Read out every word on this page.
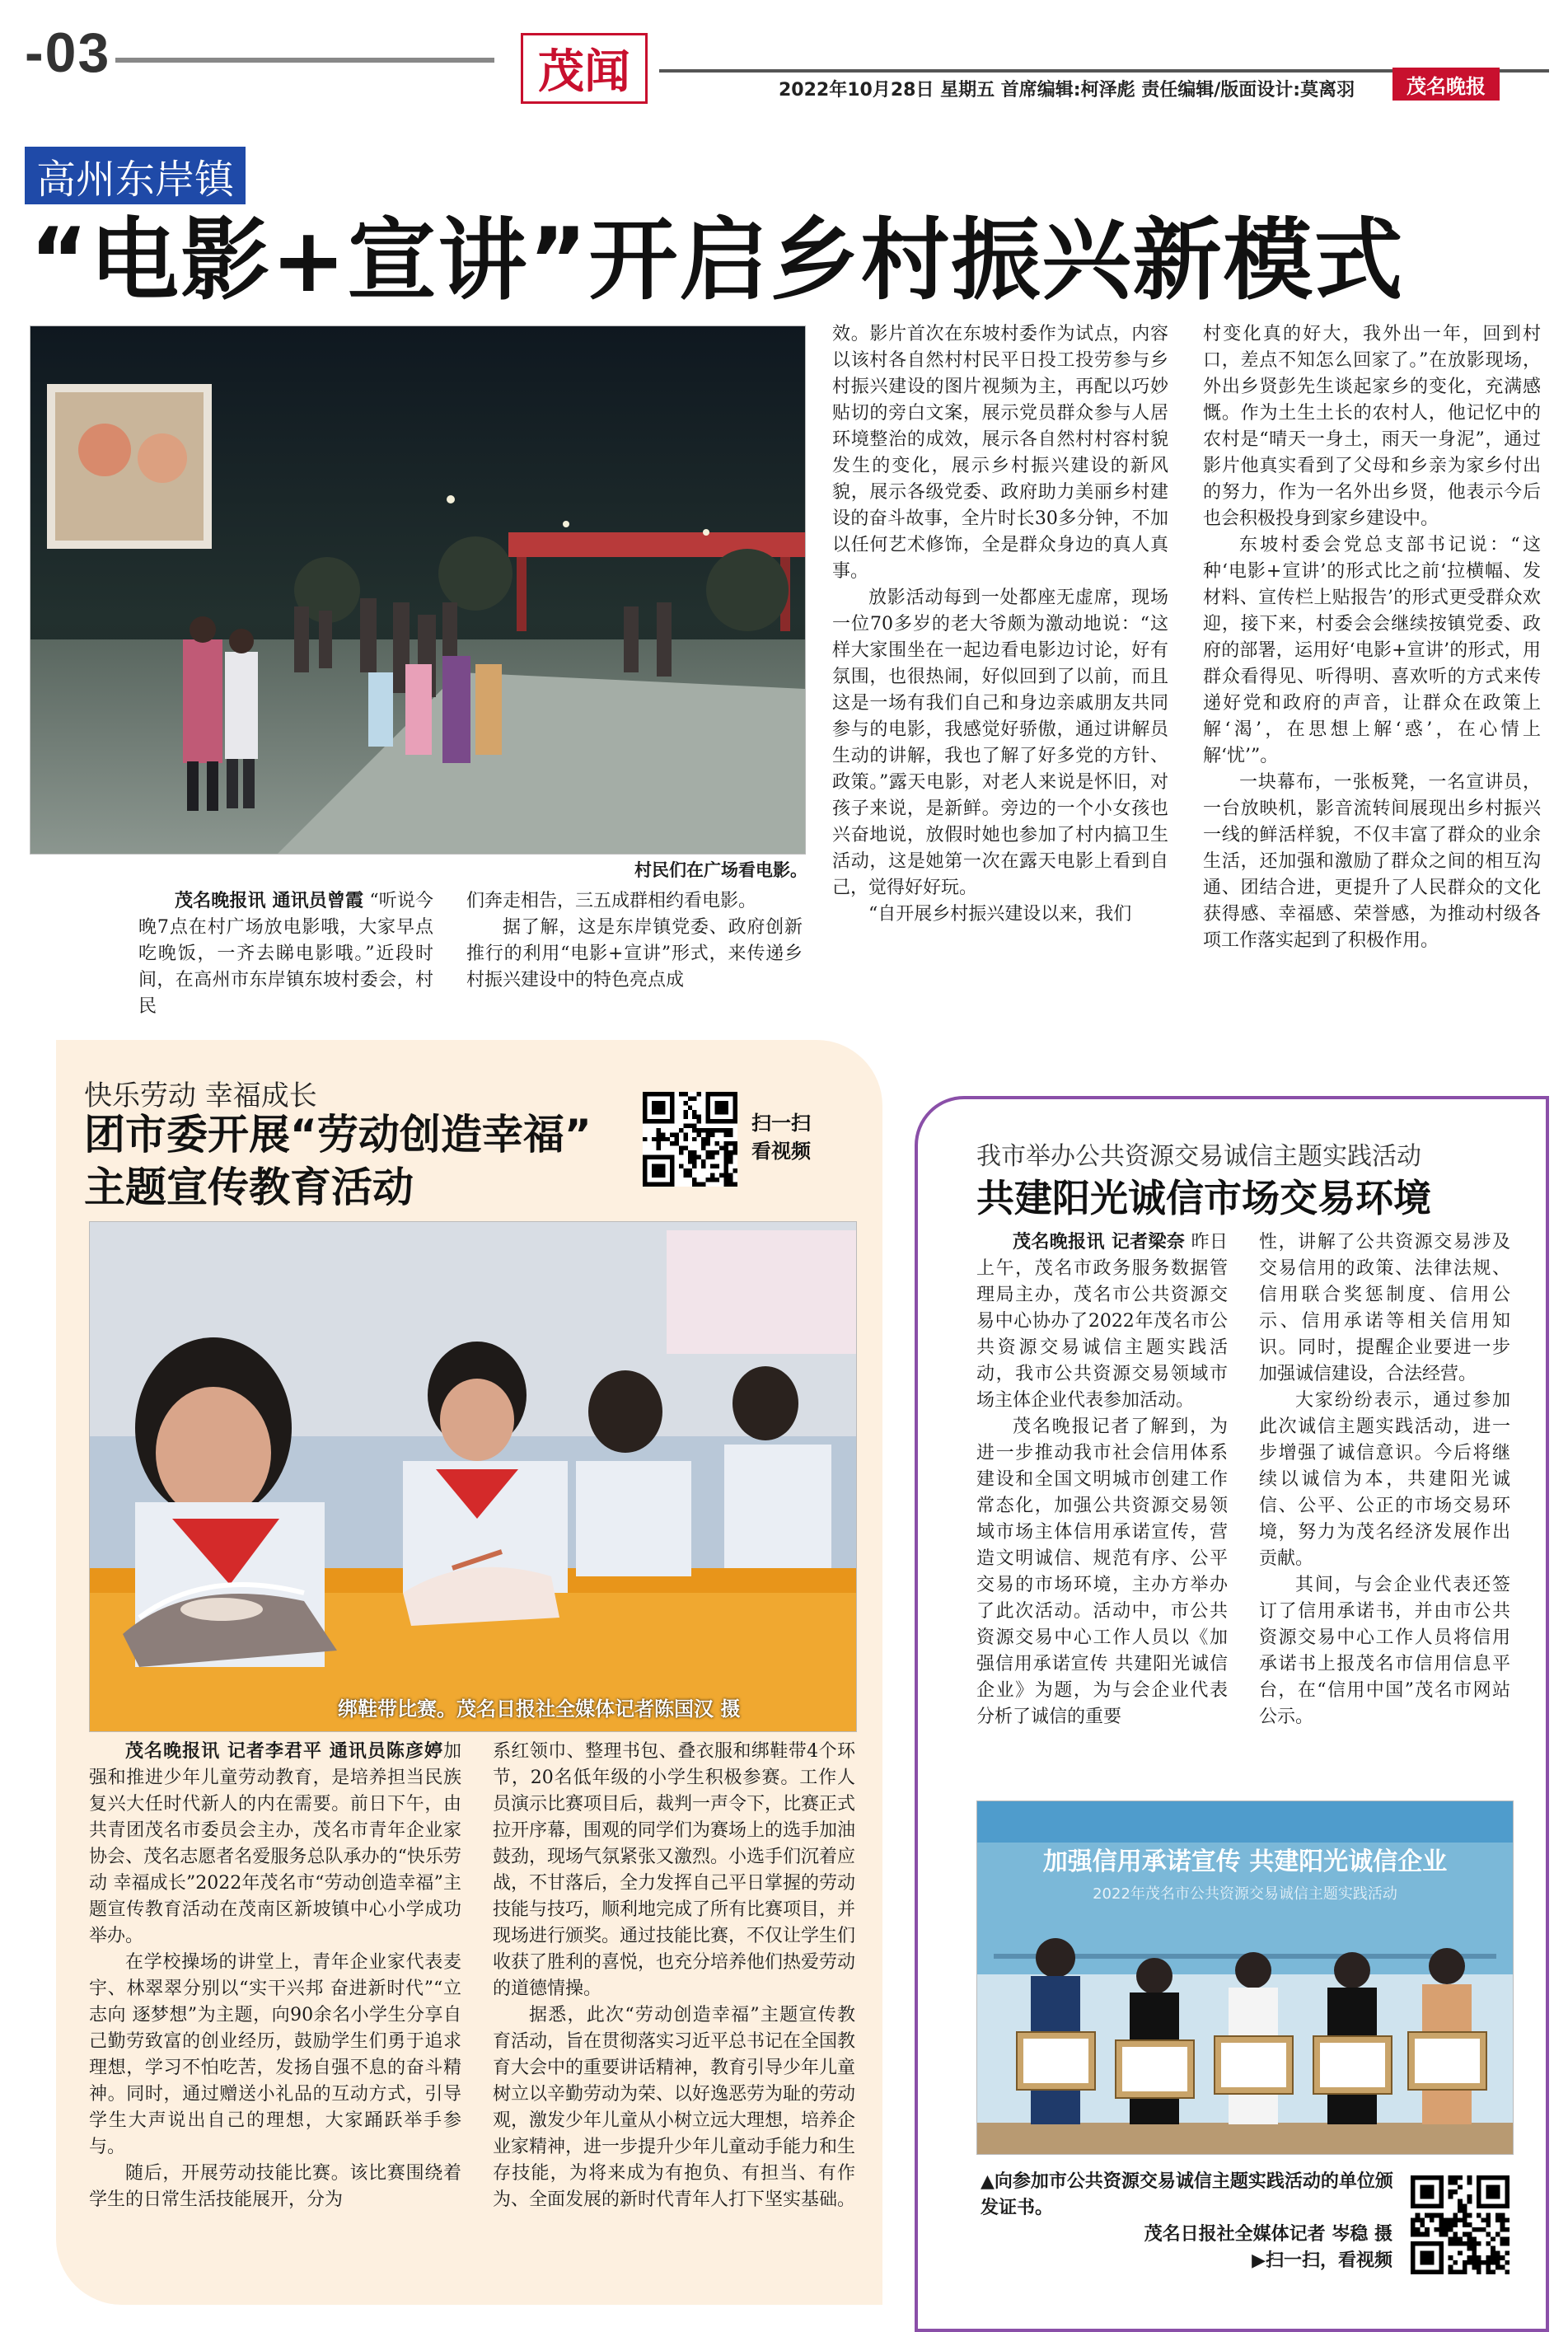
-03	茂闻	2022年10月28日 星期五 首席编辑:柯泽彪 责任编辑/版面设计:莫离羽	茂名晚报
高州东岸镇
“电影+宣讲”开启乡村振兴新模式
村民们在广场看电影。

茂名晚报讯 通讯员曾霞 “听说今晚7点在村广场放电影哦，大家早点吃晚饭，一齐去睇电影哦。”近段时间，在高州市东岸镇东坡村委会，村民

们奔走相告，三五成群相约看电影。

据了解，这是东岸镇党委、政府创新推行的利用“电影+宣讲”形式，来传递乡村振兴建设中的特色亮点成

效。影片首次在东坡村委作为试点，内容以该村各自然村村民平日投工投劳参与乡村振兴建设的图片视频为主，再配以巧妙贴切的旁白文案，展示党员群众参与人居环境整治的成效，展示各自然村村容村貌发生的变化，展示乡村振兴建设的新风貌，展示各级党委、政府助力美丽乡村建设的奋斗故事，全片时长30多分钟，不加以任何艺术修饰，全是群众身边的真人真事。

放影活动每到一处都座无虚席，现场一位70多岁的老大爷颇为激动地说：“这样大家围坐在一起边看电影边讨论，好有氛围，也很热闹，好似回到了以前，而且这是一场有我们自己和身边亲戚朋友共同参与的电影，我感觉好骄傲，通过讲解员生动的讲解，我也了解了好多党的方针、政策。”露天电影，对老人来说是怀旧，对孩子来说，是新鲜。旁边的一个小女孩也兴奋地说，放假时她也参加了村内搞卫生活动，这是她第一次在露天电影上看到自己，觉得好好玩。

“自开展乡村振兴建设以来，我们

村变化真的好大，我外出一年，回到村口，差点不知怎么回家了。”在放影现场，外出乡贤彭先生谈起家乡的变化，充满感慨。作为土生土长的农村人，他记忆中的农村是“晴天一身土，雨天一身泥”，通过影片他真实看到了父母和乡亲为家乡付出的努力，作为一名外出乡贤，他表示今后也会积极投身到家乡建设中。

东坡村委会党总支部书记说：“这种‘电影+宣讲’的形式比之前‘拉横幅、发材料、宣传栏上贴报告’的形式更受群众欢迎，接下来，村委会会继续按镇党委、政府的部署，运用好‘电影+宣讲’的形式，用群众看得见、听得明、喜欢听的方式来传递好党和政府的声音，让群众在政策上解‘渴’，在思想上解‘惑’，在心情上解‘忧’”。

一块幕布，一张板凳，一名宣讲员，一台放映机，影音流转间展现出乡村振兴一线的鲜活样貌，不仅丰富了群众的业余生活，还加强和激励了群众之间的相互沟通、团结合进，更提升了人民群众的文化获得感、幸福感、荣誉感，为推动村级各项工作落实起到了积极作用。

快乐劳动 幸福成长
团市委开展“劳动创造幸福”
主题宣传教育活动
扫一扫
看视频
绑鞋带比赛。茂名日报社全媒体记者陈国汉 摄

茂名晚报讯 记者李君平 通讯员陈彦婷加强和推进少年儿童劳动教育，是培养担当民族复兴大任时代新人的内在需要。前日下午，由共青团茂名市委员会主办，茂名市青年企业家协会、茂名志愿者名爱服务总队承办的“快乐劳动 幸福成长”2022年茂名市“劳动创造幸福”主题宣传教育活动在茂南区新坡镇中心小学成功举办。

在学校操场的讲堂上，青年企业家代表麦宇、林翠翠分别以“实干兴邦 奋进新时代”“立志向 逐梦想”为主题，向90余名小学生分享自己勤劳致富的创业经历，鼓励学生们勇于追求理想，学习不怕吃苦，发扬自强不息的奋斗精神。同时，通过赠送小礼品的互动方式，引导学生大声说出自己的理想，大家踊跃举手参与。

随后，开展劳动技能比赛。该比赛围绕着学生的日常生活技能展开，分为

系红领巾、整理书包、叠衣服和绑鞋带4个环节，20名低年级的小学生积极参赛。工作人员演示比赛项目后，裁判一声令下，比赛正式拉开序幕，围观的同学们为赛场上的选手加油鼓劲，现场气氛紧张又激烈。小选手们沉着应战，不甘落后，全力发挥自己平日掌握的劳动技能与技巧，顺利地完成了所有比赛项目，并现场进行颁奖。通过技能比赛，不仅让学生们收获了胜利的喜悦，也充分培养他们热爱劳动的道德情操。

据悉，此次“劳动创造幸福”主题宣传教育活动，旨在贯彻落实习近平总书记在全国教育大会中的重要讲话精神，教育引导少年儿童树立以辛勤劳动为荣、以好逸恶劳为耻的劳动观，激发少年儿童从小树立远大理想，培养企业家精神，进一步提升少年儿童动手能力和生存技能，为将来成为有抱负、有担当、有作为、全面发展的新时代青年人打下坚实基础。

我市举办公共资源交易诚信主题实践活动
共建阳光诚信市场交易环境

茂名晚报讯 记者梁奈 昨日上午，茂名市政务服务数据管理局主办，茂名市公共资源交易中心协办了2022年茂名市公共资源交易诚信主题实践活动，我市公共资源交易领域市场主体企业代表参加活动。

茂名晚报记者了解到，为进一步推动我市社会信用体系建设和全国文明城市创建工作常态化，加强公共资源交易领域市场主体信用承诺宣传，营造文明诚信、规范有序、公平交易的市场环境，主办方举办了此次活动。活动中，市公共资源交易中心工作人员以《加强信用承诺宣传 共建阳光诚信企业》为题，为与会企业代表分析了诚信的重要

性，讲解了公共资源交易涉及交易信用的政策、法律法规、信用联合奖惩制度、信用公示、信用承诺等相关信用知识。同时，提醒企业要进一步加强诚信建设，合法经营。

大家纷纷表示，通过参加此次诚信主题实践活动，进一步增强了诚信意识。今后将继续以诚信为本，共建阳光诚信、公平、公正的市场交易环境，努力为茂名经济发展作出贡献。

其间，与会企业代表还签订了信用承诺书，并由市公共资源交易中心工作人员将信用承诺书上报茂名市信用信息平台，在“信用中国”茂名市网站公示。

加强信用承诺宣传 共建阳光诚信企业
2022年茂名市公共资源交易诚信主题实践活动
▲向参加市公共资源交易诚信主题实践活动的单位颁发证书。
茂名日报社全媒体记者 岑稳 摄
▶扫一扫，看视频
